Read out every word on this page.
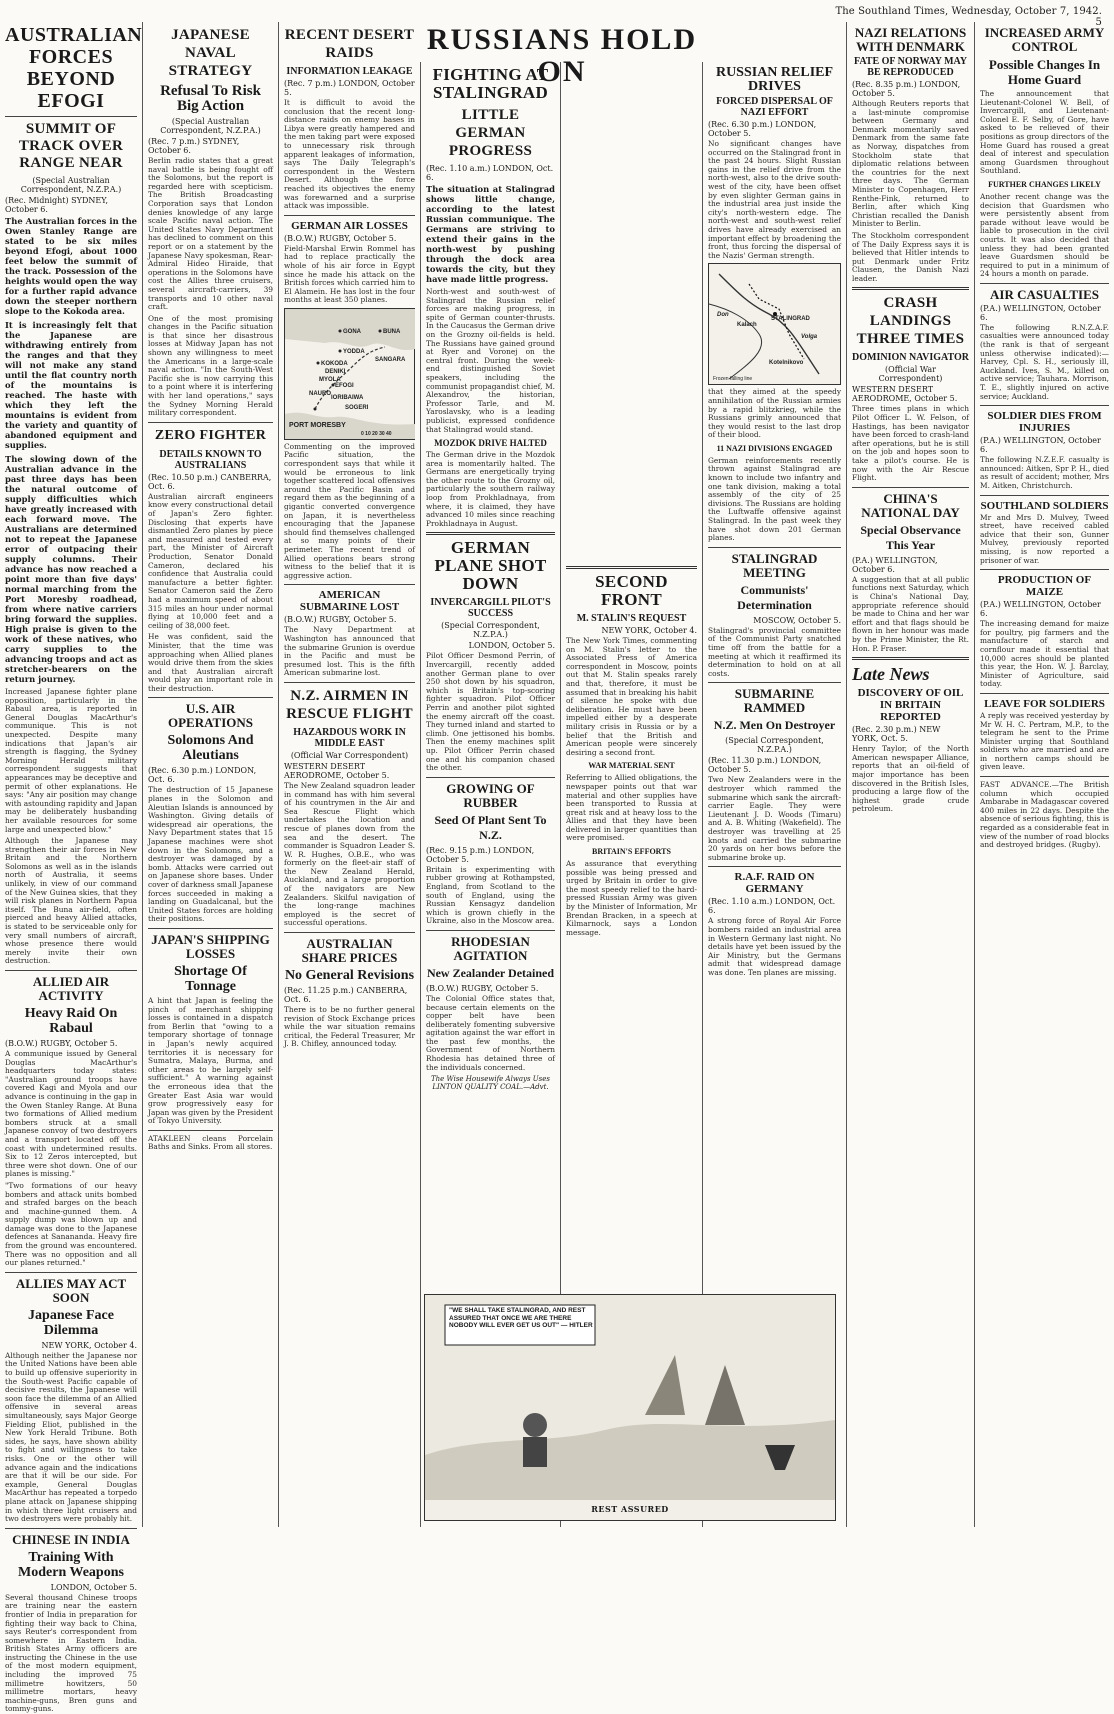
The Southland Times, Wednesday, October 7, 1942. 5
AUSTRALIAN FORCES BEYOND EFOGI
SUMMIT OF TRACK OVER RANGE NEAR
(Special Australian Correspondent, N.Z.P.A.)
(Rec. Midnight) SYDNEY, October 6.

The Australian forces in the Owen Stanley Range are stated to be six miles beyond Efogi, about 1000 feet below the summit of the track. Possession of the heights would open the way for a further rapid advance down the steeper northern slope to the Kokoda area.

It is increasingly felt that the Japanese are withdrawing entirely from the ranges and that they will not make any stand until the flat country north of the mountains is reached. The haste with which they left the mountains is evident from the variety and quantity of abandoned equipment and supplies.

The slowing down of the Australian advance in the past three days has been the natural outcome of supply difficulties which have greatly increased with each forward move. The Australians are determined not to repeat the Japanese error of outpacing their supply columns. Their advance has now reached a point more than five days' normal marching from the Port Moresby roadhead, from where native carriers bring forward the supplies. High praise is given to the work of these natives, who carry supplies to the advancing troops and act as stretcher-bearers on the return journey.

Increased Japanese fighter plane opposition, particularly in the Rabaul area, is reported in General Douglas MacArthur's communique. This is not unexpected. Despite many indications that Japan's air strength is flagging, the Sydney Morning Herald military correspondent suggests that appearances may be deceptive and permit of other explanations. He says: "Any air position may change with astounding rapidity and Japan may be deliberately husbanding her available resources for some large and unexpected blow."

Although the Japanese may strengthen their air forces in New Britain and the Northern Solomons as well as in the islands north of Australia, it seems unlikely, in view of our command of the New Guinea skies, that they will risk planes in Northern Papua itself. The Buna air-field, often pierced and heavy Allied attacks, is stated to be serviceable only for very small numbers of aircraft, whose presence there would merely invite their own destruction.

ALLIED AIR ACTIVITY
Heavy Raid On Rabaul
(B.O.W.) RUGBY, October 5.

A communique issued by General Douglas MacArthur's headquarters today states: "Australian ground troops have covered Kagi and Myola and our advance is continuing in the gap in the Owen Stanley Range. At Buna two formations of Allied medium bombers struck at a small Japanese convoy of two destroyers and a transport located off the coast with undetermined results. Six to 12 Zeros intercepted, but three were shot down. One of our planes is missing."

"Two formations of our heavy bombers and attack units bombed and strafed barges on the beach and machine-gunned them. A supply dump was blown up and damage was done to the Japanese defences at Sanananda. Heavy fire from the ground was encountered. There was no opposition and all our planes returned."

ALLIES MAY ACT SOON
Japanese Face Dilemma
NEW YORK, October 4.

Although neither the Japanese nor the United Nations have been able to build up offensive superiority in the South-west Pacific capable of decisive results, the Japanese will soon face the dilemma of an Allied offensive in several areas simultaneously, says Major George Fielding Eliot, published in the New York Herald Tribune. Both sides, he says, have shown ability to fight and willingness to take risks. One or the other will advance again and the indications are that it will be our side. For example, General Douglas MacArthur has repeated a torpedo plane attack on Japanese shipping in which three light cruisers and two destroyers were probably hit.

CHINESE IN INDIA
Training With Modern Weapons
LONDON, October 5.

Several thousand Chinese troops are training near the eastern frontier of India in preparation for fighting their way back to China, says Reuter's correspondent from somewhere in Eastern India. British States Army officers are instructing the Chinese in the use of the most modern equipment, including the improved 75 millimetre howitzers, 50 millimetre mortars, heavy machine-guns, Bren guns and tommy-guns.

JAPANESE NAVAL STRATEGY
Refusal To Risk Big Action
(Special Australian Correspondent, N.Z.P.A.)
(Rec. 7 p.m.) SYDNEY, October 6.

Berlin radio states that a great naval battle is being fought off the Solomons, but the report is regarded here with scepticism. The British Broadcasting Corporation says that London denies knowledge of any large scale Pacific naval action. The United States Navy Department has declined to comment on this report or on a statement by the Japanese Navy spokesman, Rear-Admiral Hideo Hiraide, that operations in the Solomons have cost the Allies three cruisers, several aircraft-carriers, 39 transports and 10 other naval craft.

One of the most promising changes in the Pacific situation is that since her disastrous losses at Midway Japan has not shown any willingness to meet the Americans in a large-scale naval action. "In the South-West Pacific she is now carrying this to a point where it is interfering with her land operations," says the Sydney Morning Herald military correspondent.

ZERO FIGHTER
DETAILS KNOWN TO AUSTRALIANS
(Rec. 10.50 p.m.) CANBERRA, Oct. 6.

Australian aircraft engineers know every constructional detail of Japan's Zero fighter. Disclosing that experts have dismantled Zero planes by piece and measured and tested every part, the Minister of Aircraft Production, Senator Donald Cameron, declared his confidence that Australia could manufacture a better fighter. Senator Cameron said the Zero had a maximum speed of about 315 miles an hour under normal flying at 10,000 feet and a ceiling of 38,000 feet.

He was confident, said the Minister, that the time was approaching when Allied planes would drive them from the skies and that Australian aircraft would play an important role in their destruction.

U.S. AIR OPERATIONS
Solomons And Aleutians
(Rec. 6.30 p.m.) LONDON, Oct. 6.

The destruction of 15 Japanese planes in the Solomon and Aleutian Islands is announced by Washington. Giving details of widespread air operations, the Navy Department states that 15 Japanese machines were shot down in the Solomons, and a destroyer was damaged by a bomb. Attacks were carried out on Japanese shore bases. Under cover of darkness small Japanese forces succeeded in making a landing on Guadalcanal, but the United States forces are holding their positions.

JAPAN'S SHIPPING LOSSES
Shortage Of Tonnage

A hint that Japan is feeling the pinch of merchant shipping losses is contained in a dispatch from Berlin that "owing to a temporary shortage of tonnage in Japan's newly acquired territories it is necessary for Sumatra, Malaya, Burma, and other areas to be largely self-sufficient." A warning against the erroneous idea that the Greater East Asia war would grow progressively easy for Japan was given by the President of Tokyo University.

ATAKLEEN cleans Porcelain Baths and Sinks. From all stores.

RECENT DESERT RAIDS
INFORMATION LEAKAGE
(Rec. 7 p.m.) LONDON, October 5.

It is difficult to avoid the conclusion that the recent long-distance raids on enemy bases in Libya were greatly hampered and the men taking part were exposed to unnecessary risk through apparent leakages of information, says The Daily Telegraph's correspondent in the Western Desert. Although the force reached its objectives the enemy was forewarned and a surprise attack was impossible.

GERMAN AIR LOSSES
(B.O.W.) RUGBY, October 5.

Field-Marshal Erwin Rommel has had to replace practically the whole of his air force in Egypt since he made his attack on the British forces which carried him to El Alamein. He has lost in the four months at least 350 planes.

GONA	BUNA
YODDA
SANGARA
KOKODA
DENIKI
MYOLA
EFOGI
NAURO
IORIBAIWA
SOGERI
PORT MORESBY
0 10 20 30 40

Commenting on the improved Pacific situation, the correspondent says that while it would be erroneous to link together scattered local offensives around the Pacific Basin and regard them as the beginning of a gigantic converted convergence on Japan, it is nevertheless encouraging that the Japanese should find themselves challenged at so many points of their perimeter. The recent trend of Allied operations bears strong witness to the belief that it is aggressive action.

AMERICAN SUBMARINE LOST
(B.O.W.) RUGBY, October 5.

The Navy Department at Washington has announced that the submarine Grunion is overdue in the Pacific and must be presumed lost. This is the fifth American submarine lost.

N.Z. AIRMEN IN RESCUE FLIGHT
HAZARDOUS WORK IN MIDDLE EAST
(Official War Correspondent)
WESTERN DESERT AERODROME, October 5.

The New Zealand squadron leader in command has with him several of his countrymen in the Air and Sea Rescue Flight which undertakes the location and rescue of planes down from the sea and the desert. The commander is Squadron Leader S. W. R. Hughes, O.B.E., who was formerly on the fleet-air staff of the New Zealand Herald, Auckland, and a large proportion of the navigators are New Zealanders. Skilful navigation of the long-range machines employed is the secret of successful operations.

AUSTRALIAN SHARE PRICES
No General Revisions
(Rec. 11.25 p.m.) CANBERRA, Oct. 6.

There is to be no further general revision of Stock Exchange prices while the war situation remains critical, the Federal Treasurer, Mr J. B. Chifley, announced today.

RUSSIANS HOLD ON
FIGHTING AT STALINGRAD
LITTLE GERMAN PROGRESS
(Rec. 1.10 a.m.) LONDON, Oct. 6.

The situation at Stalingrad shows little change, according to the latest Russian communique. The Germans are striving to extend their gains in the north-west by pushing through the dock area towards the city, but they have made little progress.

North-west and south-west of Stalingrad the Russian relief forces are making progress, in spite of German counter-thrusts. In the Caucasus the German drive on the Grozny oil-fields is held. The Russians have gained ground at Ryer and Voronej on the central front. During the week-end distinguished Soviet speakers, including the communist propagandist chief, M. Alexandrov, the historian, Professor Tarle, and M. Yaroslavsky, who is a leading publicist, expressed confidence that Stalingrad would stand.

MOZDOK DRIVE HALTED

The German drive in the Mozdok area is momentarily halted. The Germans are energetically trying the other route to the Grozny oil, particularly the southern railway loop from Prokhladnaya, from where, it is claimed, they have advanced 10 miles since reaching Prokhladnaya in August.

GERMAN PLANE SHOT DOWN
INVERCARGILL PILOT'S SUCCESS
(Special Correspondent, N.Z.P.A.)
LONDON, October 5.

Pilot Officer Desmond Perrin, of Invercargill, recently added another German plane to over 250 shot down by his squadron, which is Britain's top-scoring fighter squadron. Pilot Officer Perrin and another pilot sighted the enemy aircraft off the coast. They turned inland and started to climb. One jettisoned his bombs. Then the enemy machines split up. Pilot Officer Perrin chased one and his companion chased the other.

GROWING OF RUBBER
Seed Of Plant Sent To N.Z.
(Rec. 9.15 p.m.) LONDON, October 5.

Britain is experimenting with rubber growing at Rothampsted, England, from Scotland to the south of England, using the Russian Kensagyz dandelion which is grown chiefly in the Ukraine, also in the Moscow area.

RHODESIAN AGITATION
New Zealander Detained
(B.O.W.) RUGBY, October 5.

The Colonial Office states that, because certain elements on the copper belt have been deliberately fomenting subversive agitation against the war effort in the past few months, the Government of Northern Rhodesia has detained three of the individuals concerned.

The Wise Housewife Always Uses LINTON QUALITY COAL.—Advt.
SECOND FRONT
M. STALIN'S REQUEST
NEW YORK, October 4.

The New York Times, commenting on M. Stalin's letter to the Associated Press of America correspondent in Moscow, points out that M. Stalin speaks rarely and that, therefore, it must be assumed that in breaking his habit of silence he spoke with due deliberation. He must have been impelled either by a desperate military crisis in Russia or by a belief that the British and American people were sincerely desiring a second front.

WAR MATERIAL SENT

Referring to Allied obligations, the newspaper points out that war material and other supplies have been transported to Russia at great risk and at heavy loss to the Allies and that they have been delivered in larger quantities than were promised.

BRITAIN'S EFFORTS

As assurance that everything possible was being pressed and urged by Britain in order to give the most speedy relief to the hard-pressed Russian Army was given by the Minister of Information, Mr Brendan Bracken, in a speech at Kilmarnock, says a London message.

RUSSIAN RELIEF DRIVES
FORCED DISPERSAL OF NAZI EFFORT
(Rec. 6.30 p.m.) LONDON, October 5.

No significant changes have occurred on the Stalingrad front in the past 24 hours. Slight Russian gains in the relief drive from the north-west, also to the drive south-west of the city, have been offset by even slighter German gains in the industrial area just inside the city's north-western edge. The north-west and south-west relief drives have already exercised an important effect by broadening the front, thus forcing the dispersal of the Nazis' German strength.

STALINGRAD
Kalach
Kotelnikovo
Don
Volga
Frozen falling line

that they aimed at the speedy annihilation of the Russian armies by a rapid blitzkrieg, while the Russians grimly announced that they would resist to the last drop of their blood.

11 NAZI DIVISIONS ENGAGED

German reinforcements recently thrown against Stalingrad are known to include two infantry and one tank division, making a total assembly of the city of 25 divisions. The Russians are holding the Luftwaffe offensive against Stalingrad. In the past week they have shot down 201 German planes.

STALINGRAD MEETING
Communists' Determination
MOSCOW, October 5.

Stalingrad's provincial committee of the Communist Party snatched time off from the battle for a meeting at which it reaffirmed its determination to hold on at all costs.

SUBMARINE RAMMED
N.Z. Men On Destroyer
(Special Correspondent, N.Z.P.A.)
(Rec. 11.30 p.m.) LONDON, October 5.

Two New Zealanders were in the destroyer which rammed the submarine which sank the aircraft-carrier Eagle. They were Lieutenant J. D. Woods (Timaru) and A. B. Whiting (Wakefield). The destroyer was travelling at 25 knots and carried the submarine 20 yards on her bows before the submarine broke up.

R.A.F. RAID ON GERMANY
(Rec. 1.10 a.m.) LONDON, Oct. 6.

A strong force of Royal Air Force bombers raided an industrial area in Western Germany last night. No details have yet been issued by the Air Ministry, but the Germans admit that widespread damage was done. Ten planes are missing.

"WE SHALL TAKE STALINGRAD, AND REST ASSURED THAT ONCE WE ARE THERE NOBODY WILL EVER GET US OUT" — HITLER
REST ASSURED
NAZI RELATIONS WITH DENMARK
FATE OF NORWAY MAY BE REPRODUCED
(Rec. 8.35 p.m.) LONDON, October 5.

Although Reuters reports that a last-minute compromise between Germany and Denmark momentarily saved Denmark from the same fate as Norway, dispatches from Stockholm state that diplomatic relations between the countries for the next three days. The German Minister to Copenhagen, Herr Renthe-Fink, returned to Berlin, after which King Christian recalled the Danish Minister to Berlin.

The Stockholm correspondent of The Daily Express says it is believed that Hitler intends to put Denmark under Fritz Clausen, the Danish Nazi leader.

CRASH LANDINGS THREE TIMES
DOMINION NAVIGATOR
(Official War Correspondent)
WESTERN DESERT AERODROME, October 5.

Three times plans in which Pilot Officer L. W. Felson, of Hastings, has been navigator have been forced to crash-land after operations, but he is still on the job and hopes soon to take a pilot's course. He is now with the Air Rescue Flight.

CHINA'S NATIONAL DAY
Special Observance This Year
(P.A.) WELLINGTON, October 6.

A suggestion that at all public functions next Saturday, which is China's National Day, appropriate reference should be made to China and her war effort and that flags should be flown in her honour was made by the Prime Minister, the Rt. Hon. P. Fraser.

Late News
DISCOVERY OF OIL IN BRITAIN REPORTED
(Rec. 2.30 p.m.) NEW YORK, Oct. 5.

Henry Taylor, of the North American newspaper Alliance, reports that an oil-field of major importance has been discovered in the British Isles, producing a large flow of the highest grade crude petroleum.

INCREASED ARMY CONTROL
Possible Changes In Home Guard

The announcement that Lieutenant-Colonel W. Bell, of Invercargill, and Lieutenant-Colonel E. F. Selby, of Gore, have asked to be relieved of their positions as group directors of the Home Guard has roused a great deal of interest and speculation among Guardsmen throughout Southland.

FURTHER CHANGES LIKELY

Another recent change was the decision that Guardsmen who were persistently absent from parade without leave would be liable to prosecution in the civil courts. It was also decided that unless they had been granted leave Guardsmen should be required to put in a minimum of 24 hours a month on parade.

AIR CASUALTIES
(P.A.) WELLINGTON, October 6.

The following R.N.Z.A.F. casualties were announced today (the rank is that of sergeant unless otherwise indicated):— Harvey, Cpl. S. H., seriously ill, Auckland. Ives, S. M., killed on active service; Tauhara. Morrison, T. E., slightly injured on active service; Auckland.

SOLDIER DIES FROM INJURIES
(P.A.) WELLINGTON, October 6.

The following N.Z.E.F. casualty is announced: Aitken, Spr P. H., died as result of accident; mother, Mrs M. Aitken, Christchurch.

SOUTHLAND SOLDIERS

Mr and Mrs D. Mulvey, Tweed street, have received cabled advice that their son, Gunner Mulvey, previously reported missing, is now reported a prisoner of war.

PRODUCTION OF MAIZE
(P.A.) WELLINGTON, October 6.

The increasing demand for maize for poultry, pig farmers and the manufacture of starch and cornflour made it essential that 10,000 acres should be planted this year, the Hon. W. J. Barclay, Minister of Agriculture, said today.

LEAVE FOR SOLDIERS

A reply was received yesterday by Mr W. H. C. Pertram, M.P., to the telegram he sent to the Prime Minister urging that Southland soldiers who are married and are in northern camps should be given leave.

FAST ADVANCE.—The British column which occupied Ambarabe in Madagascar covered 400 miles in 22 days. Despite the absence of serious fighting, this is regarded as a considerable feat in view of the number of road blocks and destroyed bridges. (Rugby).
